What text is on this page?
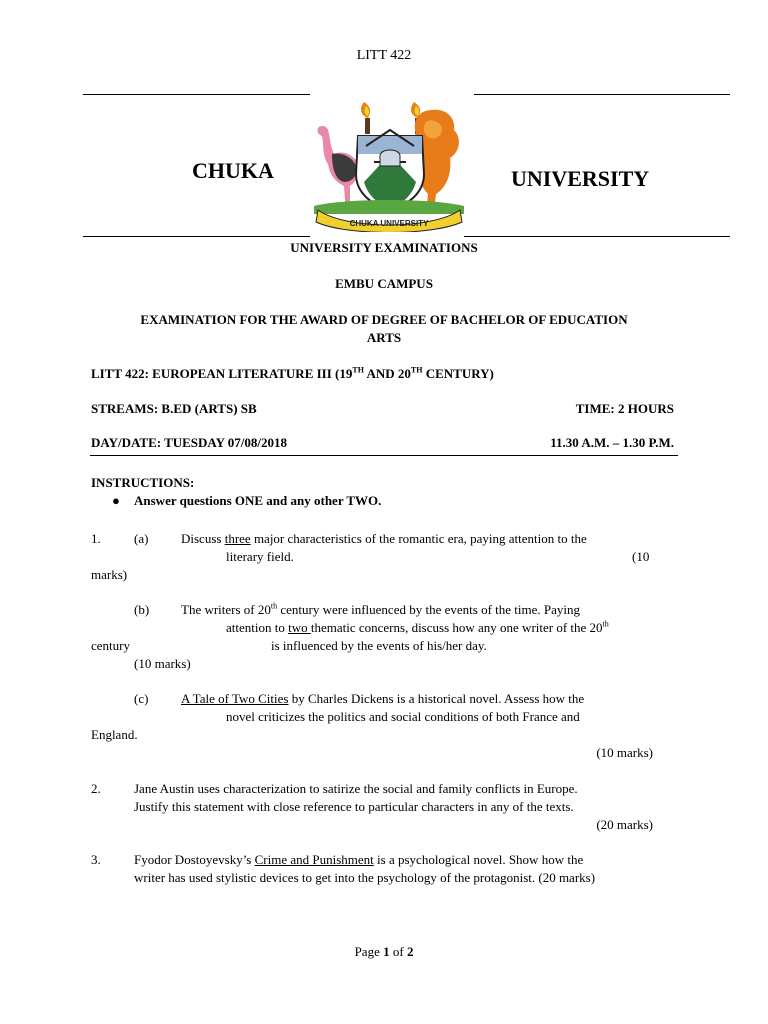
LITT 422
CHUKA UNIVERSITY
CHUKA	UNIVERSITY
UNIVERSITY EXAMINATIONS
EMBU CAMPUS
EXAMINATION FOR THE AWARD OF DEGREE OF BACHELOR OF EDUCATION
ARTS
LITT 422: EUROPEAN LITERATURE III (19TH AND 20TH CENTURY)
STREAMS: B.ED (ARTS) SB	TIME: 2 HOURS
DAY/DATE: TUESDAY 07/08/2018	11.30 A.M. – 1.30 P.M.
INSTRUCTIONS:
● Answer questions ONE and any other TWO.
1.	(a)	Discuss three major characteristics of the romantic era, paying attention to the
literary field.	(10
marks)
(b) The writers of 20th century were influenced by the events of the time. Paying
attention to two thematic concerns, discuss how any one writer of the 20th
century	is influenced by the events of his/her day.
(10 marks)
(c)	A Tale of Two Cities by Charles Dickens is a historical novel. Assess how the
novel criticizes the politics and social conditions of both France and
England.
(10 marks)
2.	Jane Austin uses characterization to satirize the social and family conflicts in Europe.
Justify this statement with close reference to particular characters in any of the texts.
(20 marks)
3.	Fyodor Dostoyevsky’s Crime and Punishment is a psychological novel. Show how the
writer has used stylistic devices to get into the psychology of the protagonist. (20 marks)
Page 1 of 2
